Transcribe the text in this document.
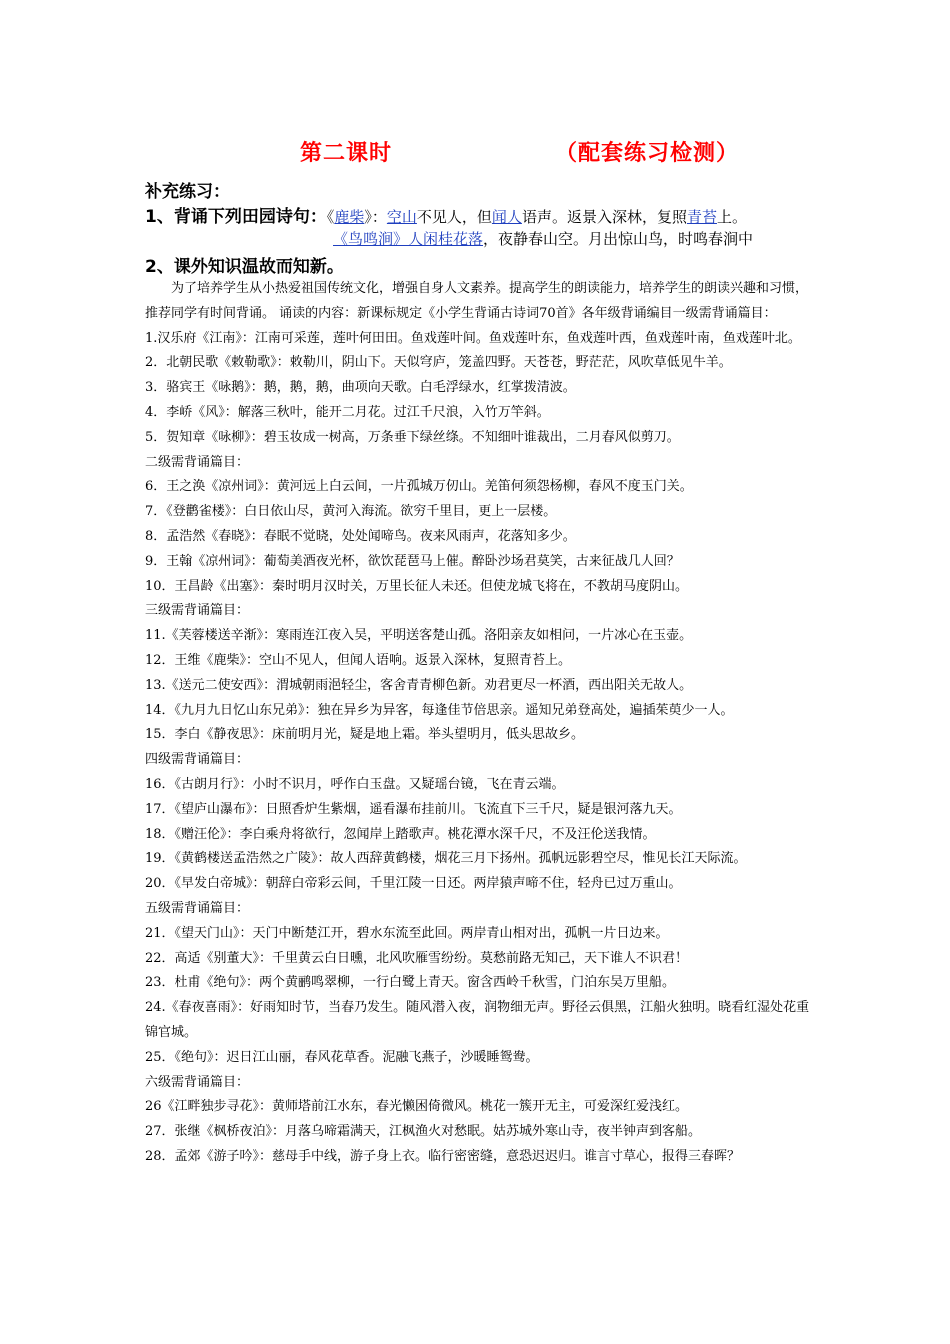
第二课时	（配套练习检测）
补充练习：
1、背诵下列田园诗句：《鹿柴》：空山不见人，但闻人语声。返景入深林，复照青苔上。
《鸟鸣涧》人闲桂花落，夜静春山空。月出惊山鸟，时鸣春涧中
2、课外知识温故而知新。

为了培养学生从小热爱祖国传统文化，增强自身人文素养。提高学生的朗读能力，培养学生的朗读兴趣和习惯，推荐同学有时间背诵。 诵读的内容：新课标规定《小学生背诵古诗词70首》各年级背诵编目一级需背诵篇目：

1.汉乐府《江南》：江南可采莲，莲叶何田田。鱼戏莲叶间。鱼戏莲叶东，鱼戏莲叶西，鱼戏莲叶南，鱼戏莲叶北。

2．北朝民歌《敕勒歌》：敕勒川，阴山下。天似穹庐，笼盖四野。天苍苍，野茫茫，风吹草低见牛羊。

3．骆宾王《咏鹅》：鹅，鹅，鹅，曲项向天歌。白毛浮绿水，红掌拨清波。

4．李峤《风》：解落三秋叶，能开二月花。过江千尺浪，入竹万竿斜。

5．贺知章《咏柳》：碧玉妆成一树高，万条垂下绿丝绦。不知细叶谁裁出，二月春风似剪刀。

二级需背诵篇目：

6．王之涣《凉州词》：黄河远上白云间，一片孤城万仞山。羌笛何须怨杨柳，春风不度玉门关。

7．《登鹳雀楼》：白日依山尽，黄河入海流。欲穷千里目，更上一层楼。

8．孟浩然《春晓》：春眠不觉晓，处处闻啼鸟。夜来风雨声，花落知多少。

9．王翰《凉州词》：葡萄美酒夜光杯，欲饮琵琶马上催。醉卧沙场君莫笑，古来征战几人回？

10．王昌龄《出塞》：秦时明月汉时关，万里长征人未还。但使龙城飞将在，不教胡马度阴山。

三级需背诵篇目：

11.《芙蓉楼送辛渐》：寒雨连江夜入吴，平明送客楚山孤。洛阳亲友如相问，一片冰心在玉壶。

12．王维《鹿柴》：空山不见人，但闻人语响。返景入深林，复照青苔上。

13.《送元二使安西》：渭城朝雨浥轻尘，客舍青青柳色新。劝君更尽一杯酒，西出阳关无故人。

14．《九月九日忆山东兄弟》：独在异乡为异客，每逢佳节倍思亲。遥知兄弟登高处，遍插茱萸少一人。

15．李白《静夜思》：床前明月光，疑是地上霜。举头望明月，低头思故乡。

四级需背诵篇目：

16．《古朗月行》：小时不识月，呼作白玉盘。又疑瑶台镜，飞在青云端。

17．《望庐山瀑布》：日照香炉生紫烟，遥看瀑布挂前川。飞流直下三千尺，疑是银河落九天。

18．《赠汪伦》：李白乘舟将欲行，忽闻岸上踏歌声。桃花潭水深千尺，不及汪伦送我情。

19．《黄鹤楼送孟浩然之广陵》：故人西辞黄鹤楼，烟花三月下扬州。孤帆远影碧空尽，惟见长江天际流。

20．《早发白帝城》：朝辞白帝彩云间，千里江陵一日还。两岸猿声啼不住，轻舟已过万重山。

五级需背诵篇目：

21．《望天门山》：天门中断楚江开，碧水东流至此回。两岸青山相对出，孤帆一片日边来。

22．高适《别董大》：千里黄云白日曛，北风吹雁雪纷纷。莫愁前路无知己，天下谁人不识君！

23．杜甫《绝句》：两个黄鹂鸣翠柳，一行白鹭上青天。窗含西岭千秋雪，门泊东吴万里船。

24.《春夜喜雨》：好雨知时节，当春乃发生。随风潜入夜，润物细无声。野径云俱黑，江船火独明。晓看红湿处花重锦官城。

25．《绝句》：迟日江山丽，春风花草香。泥融飞燕子，沙暖睡鸳鸯。

六级需背诵篇目：

26《江畔独步寻花》：黄师塔前江水东，春光懒困倚微风。桃花一簇开无主，可爱深红爱浅红。

27．张继《枫桥夜泊》：月落乌啼霜满天，江枫渔火对愁眠。姑苏城外寒山寺，夜半钟声到客船。

28．孟郊《游子吟》：慈母手中线，游子身上衣。临行密密缝，意恐迟迟归。谁言寸草心，报得三春晖？
